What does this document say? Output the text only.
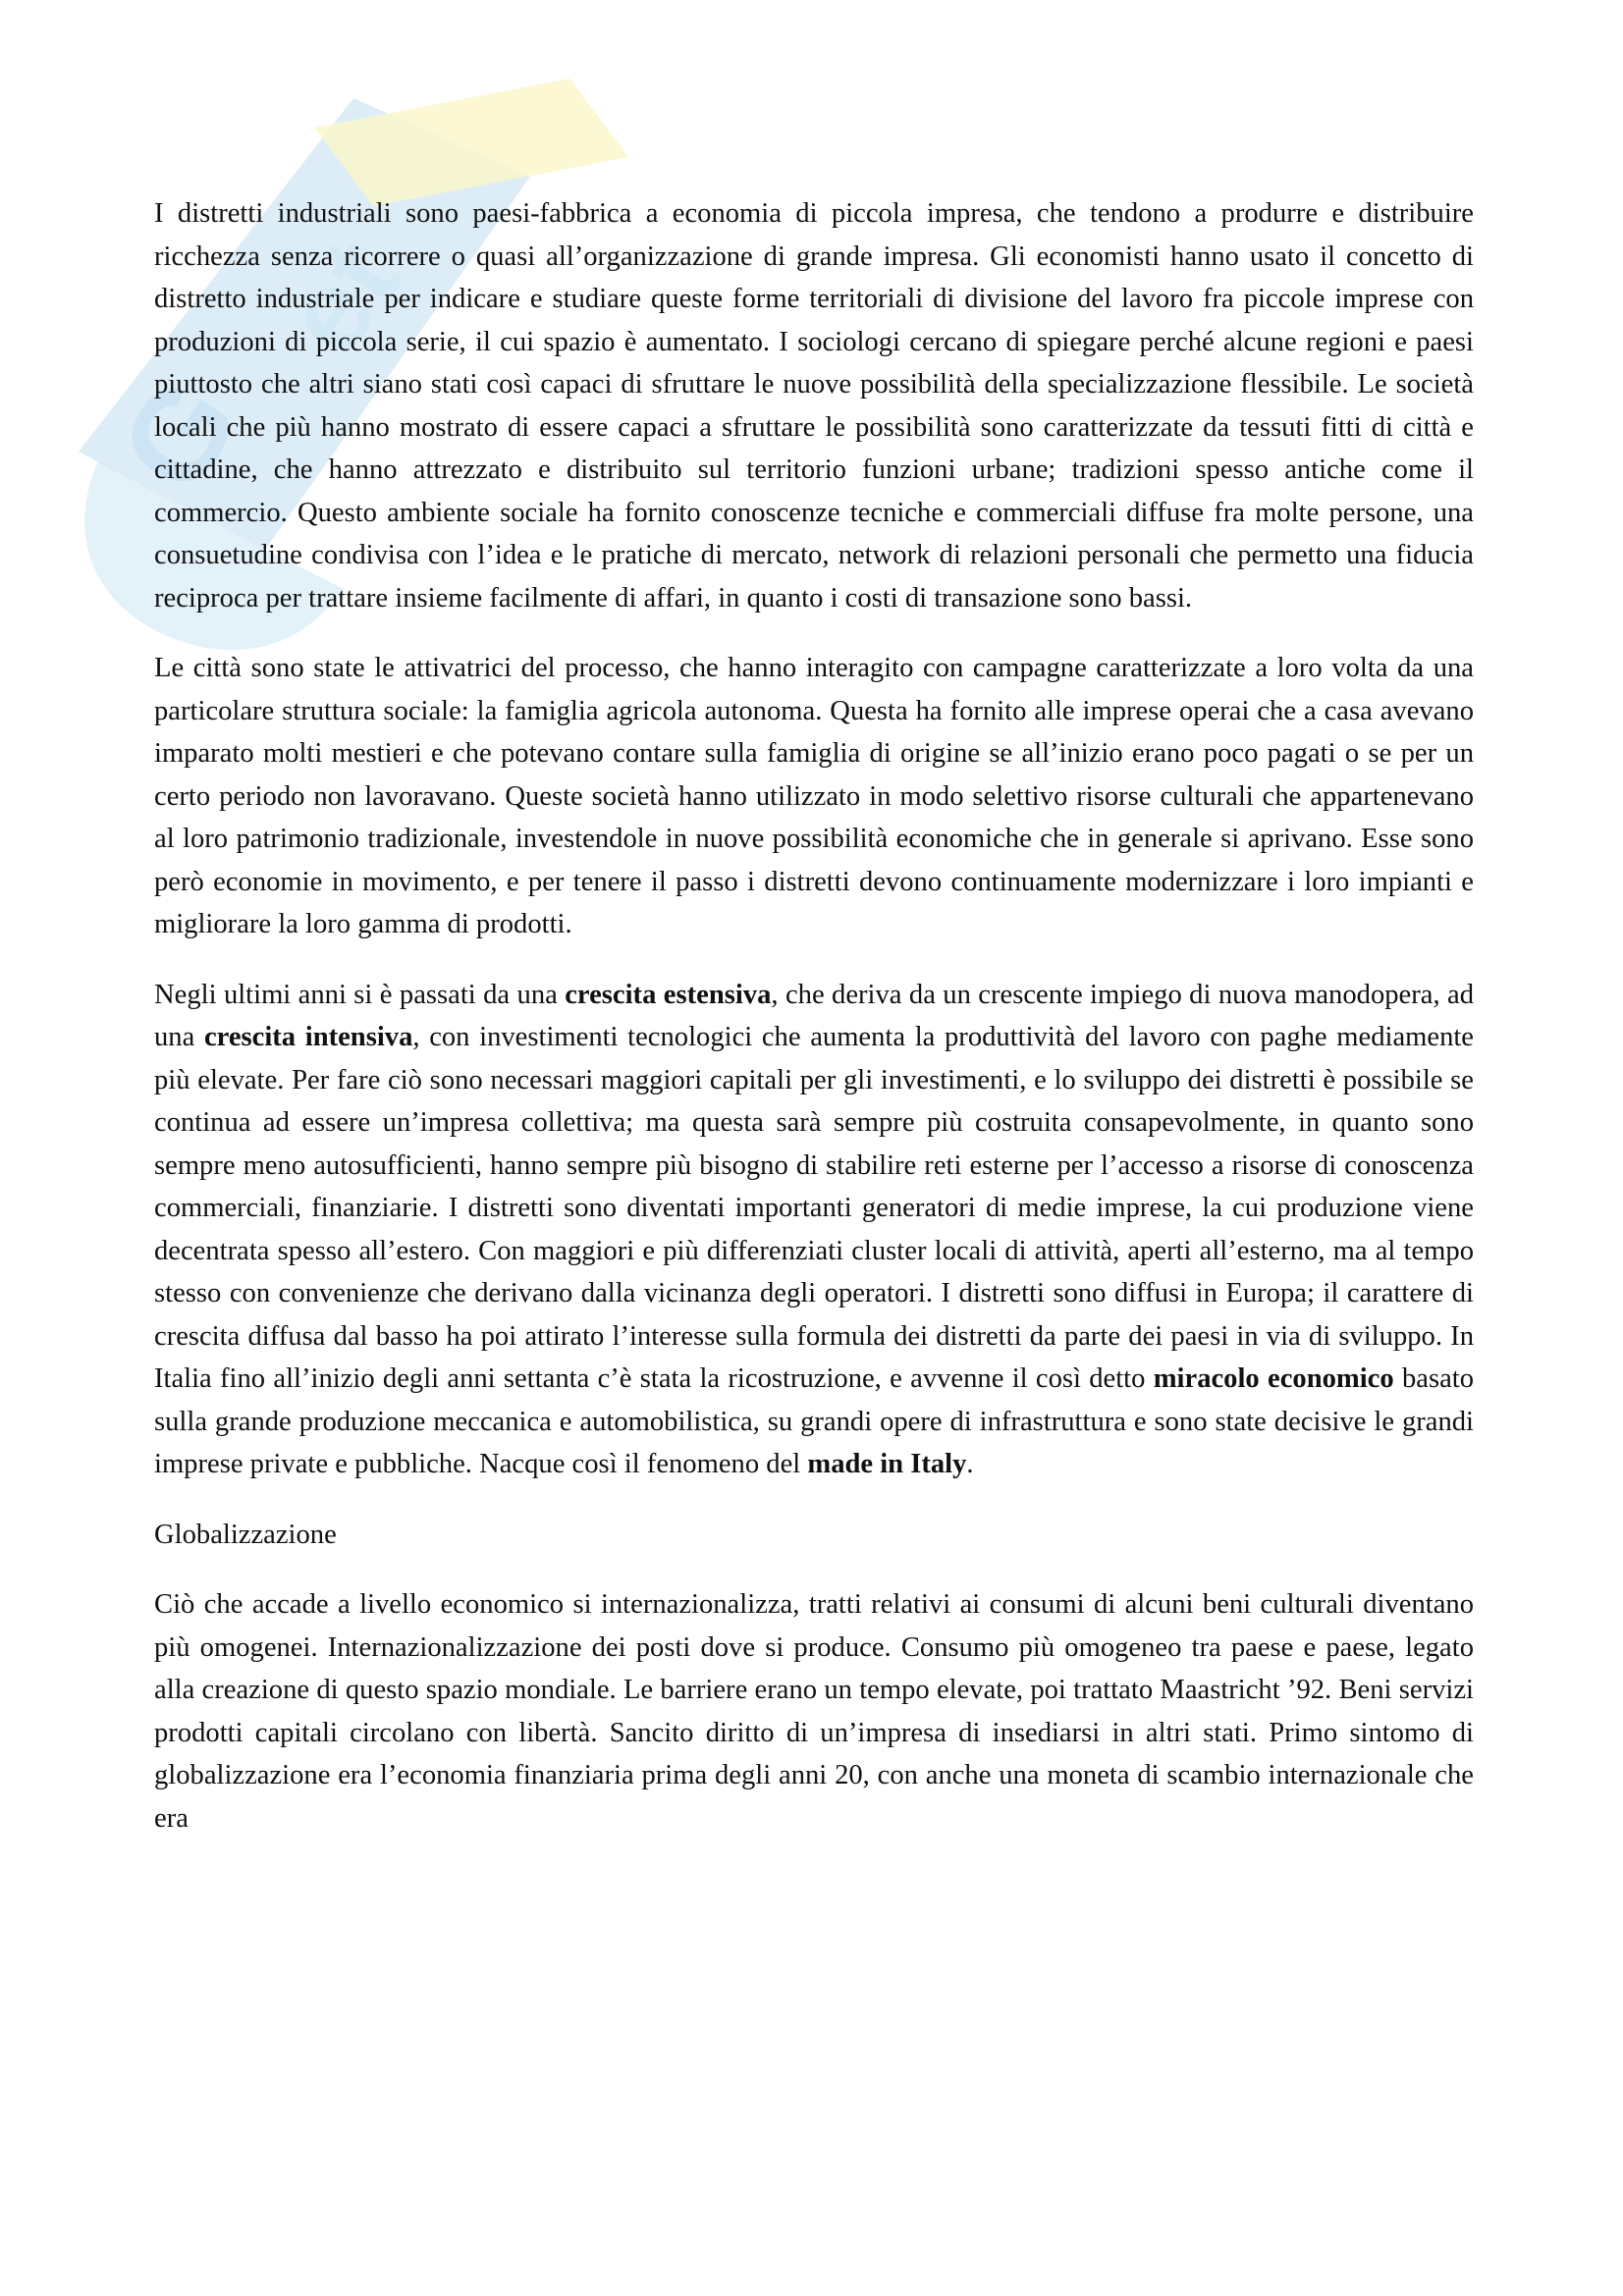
G
et

I distretti industriali sono paesi-fabbrica a economia di piccola impresa, che tendono a produrre e distribuire ricchezza senza ricorrere o quasi all’organizzazione di grande impresa. Gli economisti hanno usato il concetto di distretto industriale per indicare e studiare queste forme territoriali di divisione del lavoro fra piccole imprese con produzioni di piccola serie, il cui spazio è aumentato. I sociologi cercano di spiegare perché alcune regioni e paesi piuttosto che altri siano stati così capaci di sfruttare le nuove possibilità della specializzazione flessibile. Le società locali che più hanno mostrato di essere capaci a sfruttare le possibilità sono caratterizzate da tessuti fitti di città e cittadine, che hanno attrezzato e distribuito sul territorio funzioni urbane; tradizioni spesso antiche come il commercio. Questo ambiente sociale ha fornito conoscenze tecniche e commerciali diffuse fra molte persone, una consuetudine condivisa con l’idea e le pratiche di mercato, network di relazioni personali che permetto una fiducia reciproca per trattare insieme facilmente di affari, in quanto i costi di transazione sono bassi.

Le città sono state le attivatrici del processo, che hanno interagito con campagne caratterizzate a loro volta da una particolare struttura sociale: la famiglia agricola autonoma. Questa ha fornito alle imprese operai che a casa avevano imparato molti mestieri e che potevano contare sulla famiglia di origine se all’inizio erano poco pagati o se per un certo periodo non lavoravano. Queste società hanno utilizzato in modo selettivo risorse culturali che appartenevano al loro patrimonio tradizionale, investendole in nuove possibilità economiche che in generale si aprivano. Esse sono però economie in movimento, e per tenere il passo i distretti devono continuamente modernizzare i loro impianti e migliorare la loro gamma di prodotti.

Negli ultimi anni si è passati da una crescita estensiva, che deriva da un crescente impiego di nuova manodopera, ad una crescita intensiva, con investimenti tecnologici che aumenta la produttività del lavoro con paghe mediamente più elevate. Per fare ciò sono necessari maggiori capitali per gli investimenti, e lo sviluppo dei distretti è possibile se continua ad essere un’impresa collettiva; ma questa sarà sempre più costruita consapevolmente, in quanto sono sempre meno autosufficienti, hanno sempre più bisogno di stabilire reti esterne per l’accesso a risorse di conoscenza commerciali, finanziarie. I distretti sono diventati importanti generatori di medie imprese, la cui produzione viene decentrata spesso all’estero. Con maggiori e più differenziati cluster locali di attività, aperti all’esterno, ma al tempo stesso con convenienze che derivano dalla vicinanza degli operatori. I distretti sono diffusi in Europa; il carattere di crescita diffusa dal basso ha poi attirato l’interesse sulla formula dei distretti da parte dei paesi in via di sviluppo. In Italia fino all’inizio degli anni settanta c’è stata la ricostruzione, e avvenne il così detto miracolo economico basato sulla grande produzione meccanica e automobilistica, su grandi opere di infrastruttura e sono state decisive le grandi imprese private e pubbliche. Nacque così il fenomeno del made in Italy.

Globalizzazione

Ciò che accade a livello economico si internazionalizza, tratti relativi ai consumi di alcuni beni culturali diventano più omogenei. Internazionalizzazione dei posti dove si produce. Consumo più omogeneo tra paese e paese, legato alla creazione di questo spazio mondiale. Le barriere erano un tempo elevate, poi trattato Maastricht ’92. Beni servizi prodotti capitali circolano con libertà. Sancito diritto di un’impresa di insediarsi in altri stati. Primo sintomo di globalizzazione era l’economia finanziaria prima degli anni 20, con anche una moneta di scambio internazionale che era
